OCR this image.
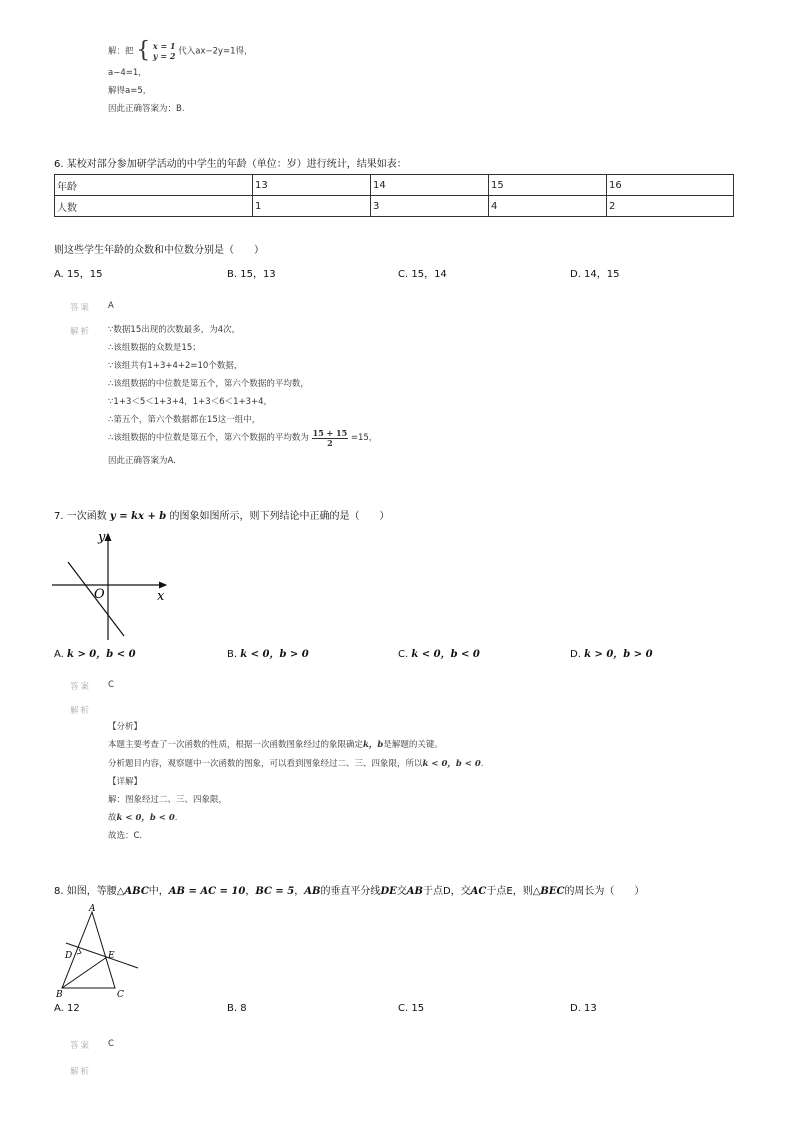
解：把 { x = 1
y = 2 代入ax−2y=1得，
a−4=1，
解得a=5，
因此正确答案为：B.
6. 某校对部分参加研学活动的中学生的年龄（单位：岁）进行统计，结果如表：
年龄	13	14	15	16
人数	1	3	4	2
则这些学生年龄的众数和中位数分别是（　　）
A. 15，15	B. 15，13	C. 15，14	D. 14，15
答案 A
解析 ∵数据15出现的次数最多，为4次，
∴该组数据的众数是15；
∵该组共有1+3+4+2=10个数据，
∴该组数据的中位数是第五个，第六个数据的平均数，
∵1+3＜5＜1+3+4，1+3＜6＜1+3+4，
∴第五个，第六个数据都在15这一组中，
∴该组数据的中位数是第五个，第六个数据的平均数为 $\frac{15 + 15}{2} =15$，
因此正确答案为A.
7. 一次函数 y = kx + b 的图象如图所示，则下列结论中正确的是（　　）
y
x
O
A. k > 0，b < 0	B. k < 0，b > 0	C. k < 0，b < 0	D. k > 0，b > 0
答案 C
解析
【分析】
本题主要考查了一次函数的性质，根据一次函数图象经过的象限确定k，b是解题的关键。
分析题目内容，观察题中一次函数的图象，可以看到图象经过二、三、四象限，所以k < 0，b < 0.
【详解】
解：图象经过二、三、四象限，
故k < 0，b < 0.
故选：C.
8. 如图，等腰△ABC中，AB = AC = 10，BC = 5，AB的垂直平分线DE交AB于点D，交AC于点E，则△BEC的周长为（　　）
A
B	C
D	E
A. 12	B. 8	C. 15	D. 13
答案 C
解析
